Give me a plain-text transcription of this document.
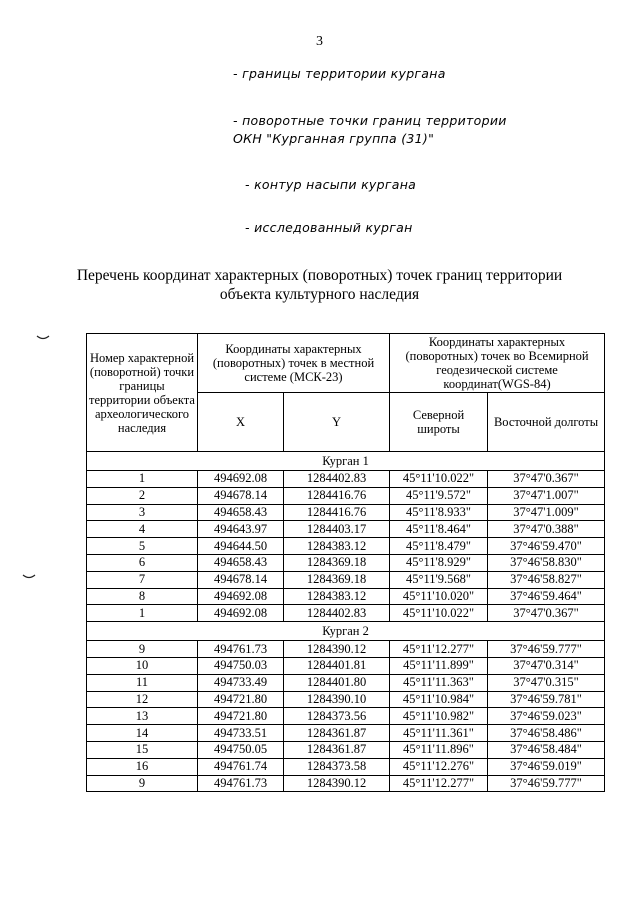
3
- границы территории кургана
- поворотные точки границ территории
ОКН "Курганная группа (31)"
- контур насыпи кургана
- исследованный курган
Перечень координат характерных (поворотных) точек границ территории
объекта культурного наследия
Номер характерной (поворотной) точки границы территории объекта археологического наследия	Координаты характерных (поворотных) точек в местной системе (МСК-23)		Координаты характерных (поворотных) точек во Всемирной геодезической системе координат(WGS-84)	
	X	Y	Северной широты	Восточной долготы
Курган 1				
1	494692.08	1284402.83	45°11'10.022"	37°47'0.367"
2	494678.14	1284416.76	45°11'9.572"	37°47'1.007"
3	494658.43	1284416.76	45°11'8.933"	37°47'1.009"
4	494643.97	1284403.17	45°11'8.464"	37°47'0.388"
5	494644.50	1284383.12	45°11'8.479"	37°46'59.470"
6	494658.43	1284369.18	45°11'8.929"	37°46'58.830"
7	494678.14	1284369.18	45°11'9.568"	37°46'58.827"
8	494692.08	1284383.12	45°11'10.020"	37°46'59.464"
1	494692.08	1284402.83	45°11'10.022"	37°47'0.367"
Курган 2				
9	494761.73	1284390.12	45°11'12.277"	37°46'59.777"
10	494750.03	1284401.81	45°11'11.899"	37°47'0.314"
11	494733.49	1284401.80	45°11'11.363"	37°47'0.315"
12	494721.80	1284390.10	45°11'10.984"	37°46'59.781"
13	494721.80	1284373.56	45°11'10.982"	37°46'59.023"
14	494733.51	1284361.87	45°11'11.361"	37°46'58.486"
15	494750.05	1284361.87	45°11'11.896"	37°46'58.484"
16	494761.74	1284373.58	45°11'12.276"	37°46'59.019"
9	494761.73	1284390.12	45°11'12.277"	37°46'59.777"
